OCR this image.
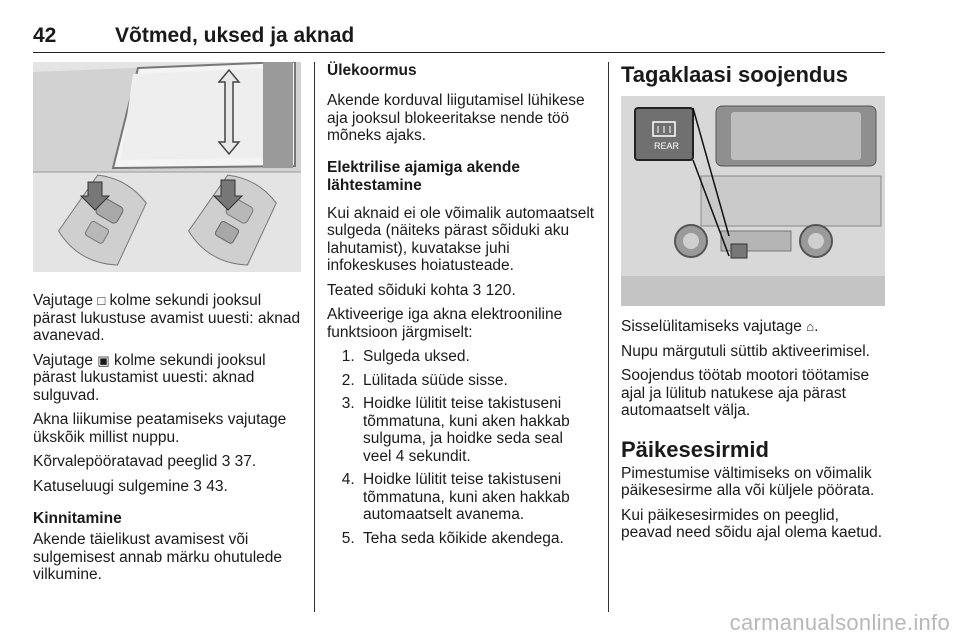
42	Võtmed, uksed ja aknad

Vajutage □ kolme sekundi jooksul pärast lukustuse avamist uuesti: aknad avanevad.

Vajutage ▣ kolme sekundi jooksul pärast lukustamist uuesti: aknad sulguvad.

Akna liikumise peatamiseks vajutage ükskõik millist nuppu.

Kõrvalepööratavad peeglid 3 37.

Katuseluugi sulgemine 3 43.

Kinnitamine

Akende täielikust avamisest või sulgemisest annab märku ohutulede vilkumine.

Ülekoormus

Akende korduval liigutamisel lühikese aja jooksul blokeeritakse nende töö mõneks ajaks.

Elektrilise ajamiga akende lähtestamine

Kui aknaid ei ole võimalik automaatselt sulgeda (näiteks pärast sõiduki aku lahutamist), kuvatakse juhi infokeskuses hoiatusteade.

Teated sõiduki kohta 3 120.

Aktiveerige iga akna elektrooniline funktsioon järgmiselt:

1. Sulgeda uksed.
2. Lülitada süüde sisse.
3. Hoidke lülitit teise takistuseni tõmmatuna, kuni aken hakkab sulguma, ja hoidke seda seal veel 4 sekundit.
4. Hoidke lülitit teise takistuseni tõmmatuna, kuni aken hakkab automaatselt avanema.
5. Teha seda kõikide akendega.
Tagaklaasi soojendus
REAR

Sisselülitamiseks vajutage ⌂.

Nupu märgutuli süttib aktiveerimisel.

Soojendus töötab mootori töötamise ajal ja lülitub natukese aja pärast automaatselt välja.

Päikesesirmid

Pimestumise vältimiseks on võimalik päikesesirme alla või küljele pöörata.

Kui päikesesirmides on peeglid, peavad need sõidu ajal olema kaetud.

carmanualsonline.info
